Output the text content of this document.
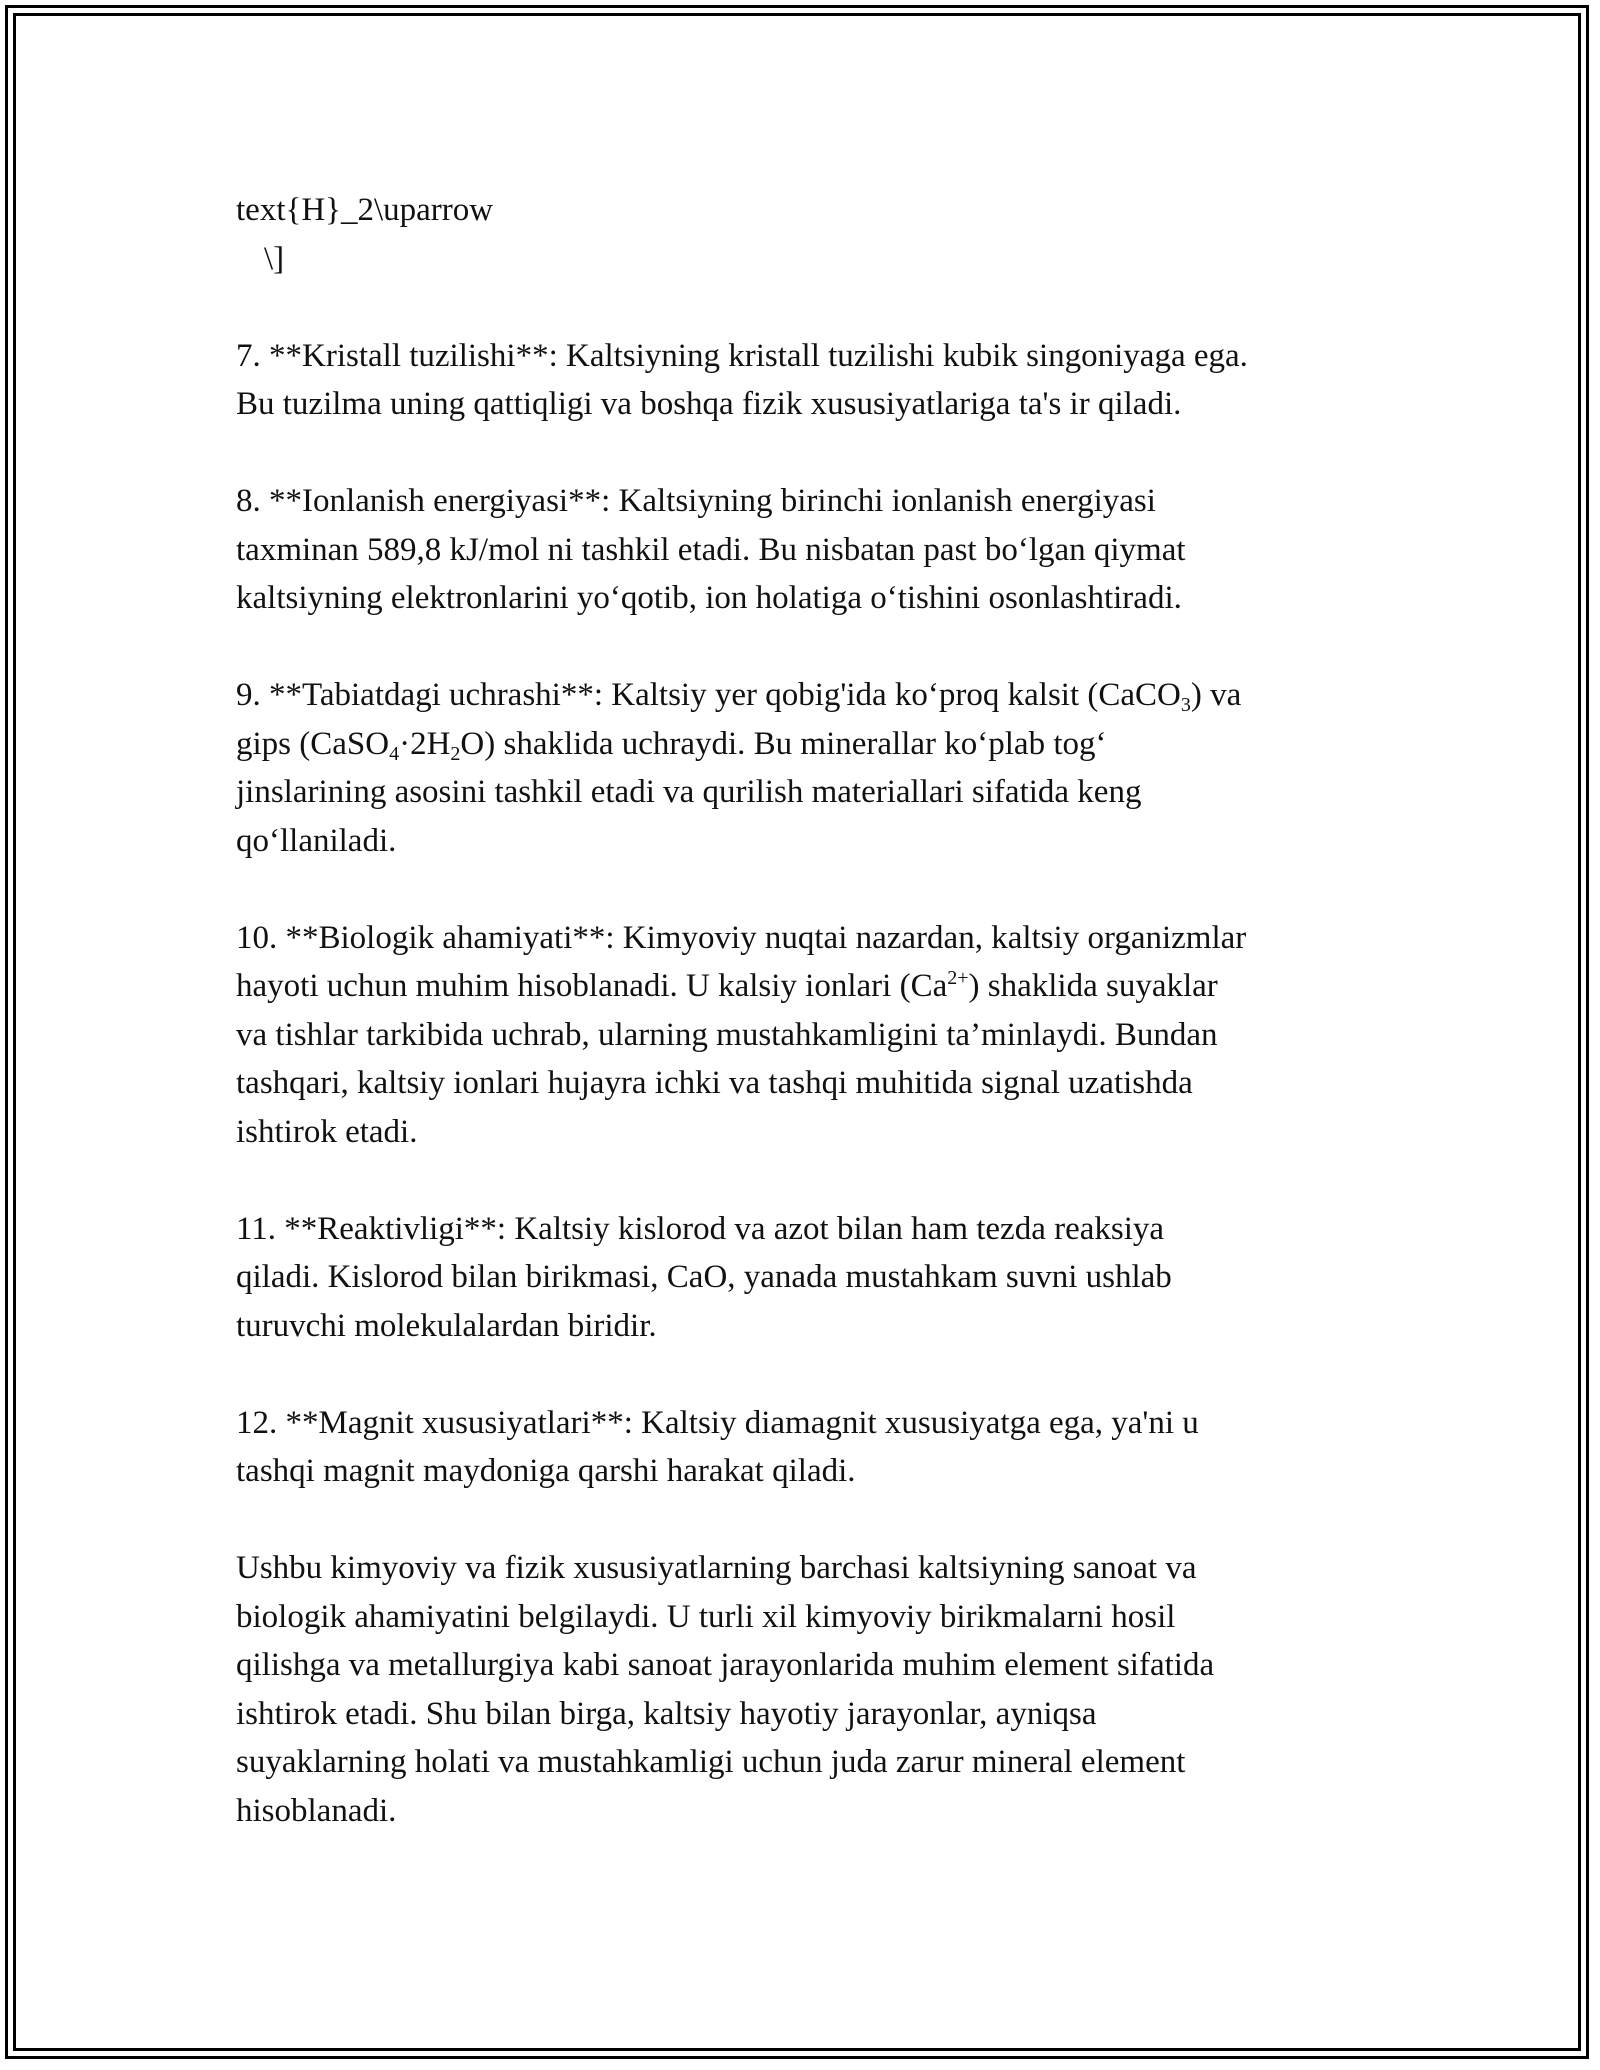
text{H}_2\uparrow
\]
7. **Kristall tuzilishi**: Kaltsiyning kristall tuzilishi kubik singoniyaga ega.
Bu tuzilma uning qattiqligi va boshqa fizik xususiyatlariga ta's ir qiladi.
8. **Ionlanish energiyasi**: Kaltsiyning birinchi ionlanish energiyasi
taxminan 589,8 kJ/mol ni tashkil etadi. Bu nisbatan past bo‘lgan qiymat
kaltsiyning elektronlarini yo‘qotib, ion holatiga o‘tishini osonlashtiradi.
9. **Tabiatdagi uchrashi**: Kaltsiy yer qobig'ida ko‘proq kalsit (CaCO$_3$) va
gips $(CaSO_4\cdot 2H_2O)$ shaklida uchraydi. Bu minerallar ko‘plab tog‘
jinslarining asosini tashkil etadi va qurilish materiallari sifatida keng
qo‘llaniladi.
10. **Biologik ahamiyati**: Kimyoviy nuqtai nazardan, kaltsiy organizmlar
hayoti uchun muhim hisoblanadi. U kalsiy ionlari $(Ca^{2+})$ shaklida suyaklar
va tishlar tarkibida uchrab, ularning mustahkamligini ta’minlaydi. Bundan
tashqari, kaltsiy ionlari hujayra ichki va tashqi muhitida signal uzatishda
ishtirok etadi.
11. **Reaktivligi**: Kaltsiy kislorod va azot bilan ham tezda reaksiya
qiladi. Kislorod bilan birikmasi, CaO, yanada mustahkam suvni ushlab
turuvchi molekulalardan biridir.
12. **Magnit xususiyatlari**: Kaltsiy diamagnit xususiyatga ega, ya'ni u
tashqi magnit maydoniga qarshi harakat qiladi.
Ushbu kimyoviy va fizik xususiyatlarning barchasi kaltsiyning sanoat va
biologik ahamiyatini belgilaydi. U turli xil kimyoviy birikmalarni hosil
qilishga va metallurgiya kabi sanoat jarayonlarida muhim element sifatida
ishtirok etadi. Shu bilan birga, kaltsiy hayotiy jarayonlar, ayniqsa
suyaklarning holati va mustahkamligi uchun juda zarur mineral element
hisoblanadi.
